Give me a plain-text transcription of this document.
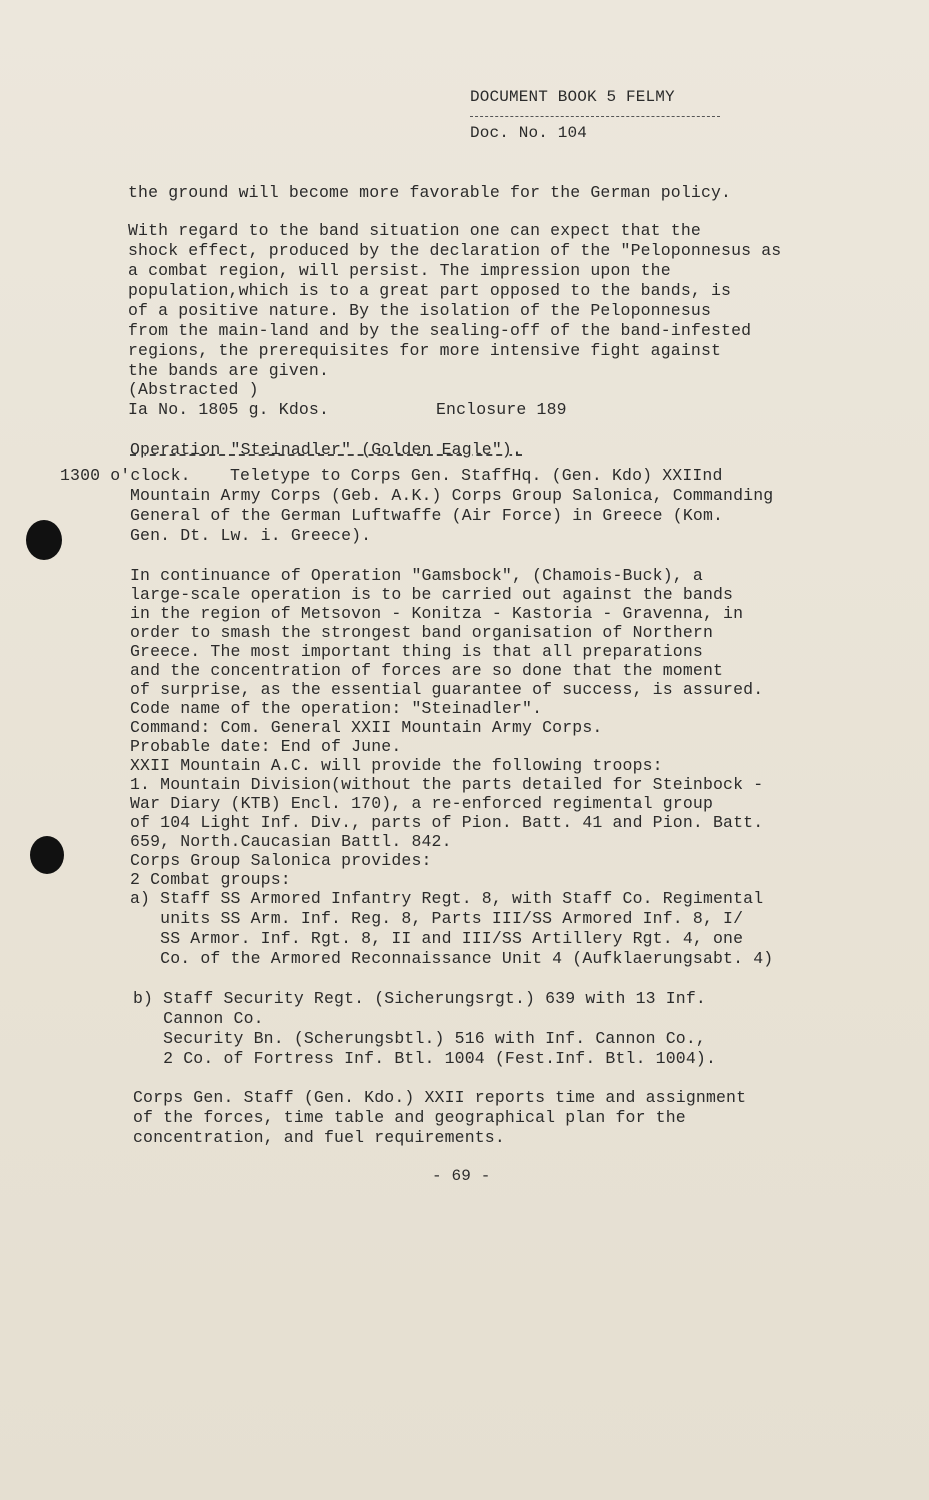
DOCUMENT BOOK 5 FELMY
Doc. No. 104
the ground will become more favorable for the German policy.
With regard to the band situation one can expect that the
shock effect, produced by the declaration of the "Peloponnesus as
a combat region, will persist. The impression upon the
population,which is to a great part opposed to the bands, is
of a positive nature. By the isolation of the Peloponnesus
from the main-land and by the sealing-off of the band-infested
regions, the prerequisites for more intensive fight against
the bands are given.
(Abstracted )
Ia No. 1805 g. Kdos.	Enclosure 189
Operation "Steinadler" (Golden Eagle").
1300 o'clock. Teletype to Corps Gen. StaffHq. (Gen. Kdo) XXIInd
Mountain Army Corps (Geb. A.K.) Corps Group Salonica, Commanding
General of the German Luftwaffe (Air Force) in Greece (Kom.
Gen. Dt. Lw. i. Greece).
In continuance of Operation "Gamsbock", (Chamois-Buck), a
large-scale operation is to be carried out against the bands
in the region of Metsovon - Konitza - Kastoria - Gravenna, in
order to smash the strongest band organisation of Northern
Greece. The most important thing is that all preparations
and the concentration of forces are so done that the moment
of surprise, as the essential guarantee of success, is assured.
Code name of the operation: "Steinadler".
Command: Com. General XXII Mountain Army Corps.
Probable date: End of June.
XXII Mountain A.C. will provide the following troops:
1. Mountain Division(without the parts detailed for Steinbock -
War Diary (KTB) Encl. 170), a re-enforced regimental group
of 104 Light Inf. Div., parts of Pion. Batt. 41 and Pion. Batt.
659, North.Caucasian Battl. 842.
Corps Group Salonica provides:
2 Combat groups:
a) Staff SS Armored Infantry Regt. 8, with Staff Co. Regimental
units SS Arm. Inf. Reg. 8, Parts III/SS Armored Inf. 8, I/
SS Armor. Inf. Rgt. 8, II and III/SS Artillery Rgt. 4, one
Co. of the Armored Reconnaissance Unit 4 (Aufklaerungsabt. 4)
b) Staff Security Regt. (Sicherungsrgt.) 639 with 13 Inf.
Cannon Co.
Security Bn. (Scherungsbtl.) 516 with Inf. Cannon Co.,
2 Co. of Fortress Inf. Btl. 1004 (Fest.Inf. Btl. 1004).
Corps Gen. Staff (Gen. Kdo.) XXII reports time and assignment
of the forces, time table and geographical plan for the
concentration, and fuel requirements.
- 69 -
